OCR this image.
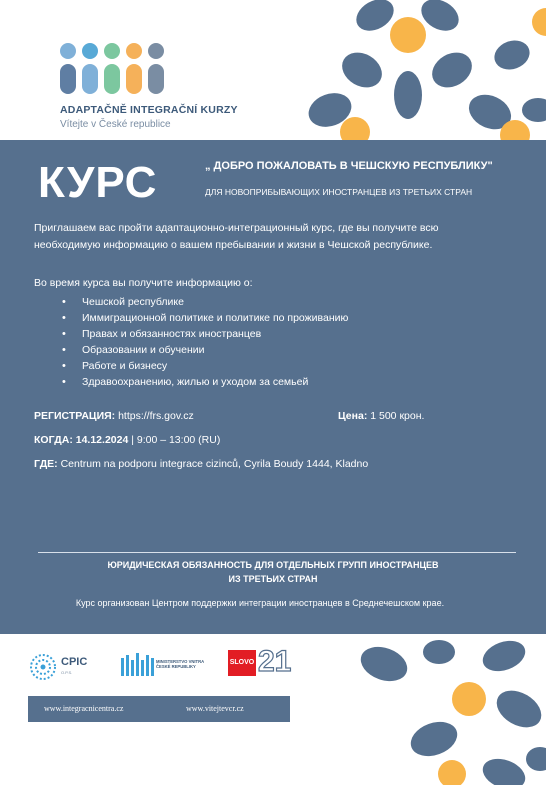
ADAPTAČNĚ INTEGRAČNÍ KURZY
Vítejte v České republice
КУРС	„ ДОБРО ПОЖАЛОВАТЬ В ЧЕШСКУЮ РЕСПУБЛИКУ"
ДЛЯ НОВОПРИБЫВАЮЩИХ ИНОСТРАНЦЕВ ИЗ ТРЕТЬИХ СТРАН
Приглашаем вас пройти адаптационно-интеграционный курс, где вы получите всю необходимую информацию о вашем пребывании и жизни в Чешской республике.
Во время курса вы получите информацию о:
• Чешской республике
• Иммиграционной политике и политике по проживанию
• Правах и обязанностях иностранцев
• Образовании и обучении
• Работе и бизнесу
• Здравоохранению, жилью и уходом за семьей
РЕГИСТРАЦИЯ: https://frs.gov.cz	Цена: 1 500 крон.
КОГДА: 14.12.2024 | 9:00 – 13:00 (RU)
ГДЕ: Centrum na podporu integrace cizinců, Cyrila Boudy 1444, Kladno
ЮРИДИЧЕСКАЯ ОБЯЗАННОСТЬ ДЛЯ ОТДЕЛЬНЫХ ГРУПП ИНОСТРАНЦЕВ
ИЗ ТРЕТЬИХ СТРАН
Курс организован Центром поддержки интеграции иностранцев в Среднечешском крае.
CPIC
O.P.S.
MINISTERSTVO VNITRA
ČESKÉ REPUBLIKY
SLOVO 21
www.integracnicentra.cz	www.vitejtevcr.cz
